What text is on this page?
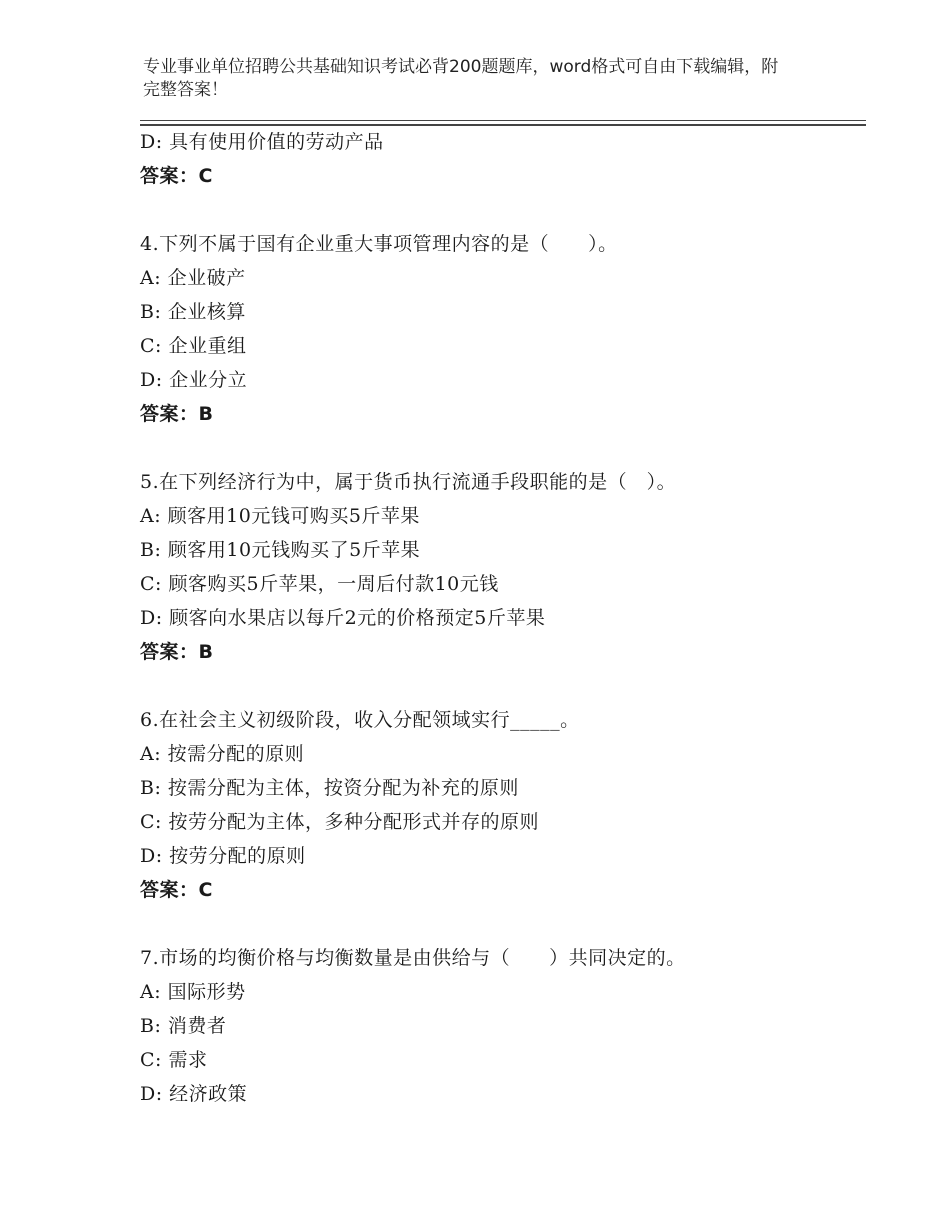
专业事业单位招聘公共基础知识考试必背200题题库，word格式可自由下载编辑，附完整答案！
D: 具有使用价值的劳动产品
答案：C
4.下列不属于国有企业重大事项管理内容的是（　　）。
A: 企业破产
B: 企业核算
C: 企业重组
D: 企业分立
答案：B
5.在下列经济行为中，属于货币执行流通手段职能的是（　）。
A: 顾客用10元钱可购买5斤苹果
B: 顾客用10元钱购买了5斤苹果
C: 顾客购买5斤苹果，一周后付款10元钱
D: 顾客向水果店以每斤2元的价格预定5斤苹果
答案：B
6.在社会主义初级阶段，收入分配领域实行_____。
A: 按需分配的原则
B: 按需分配为主体，按资分配为补充的原则
C: 按劳分配为主体，多种分配形式并存的原则
D: 按劳分配的原则
答案：C
7.市场的均衡价格与均衡数量是由供给与（　　）共同决定的。
A: 国际形势
B: 消费者
C: 需求
D: 经济政策
